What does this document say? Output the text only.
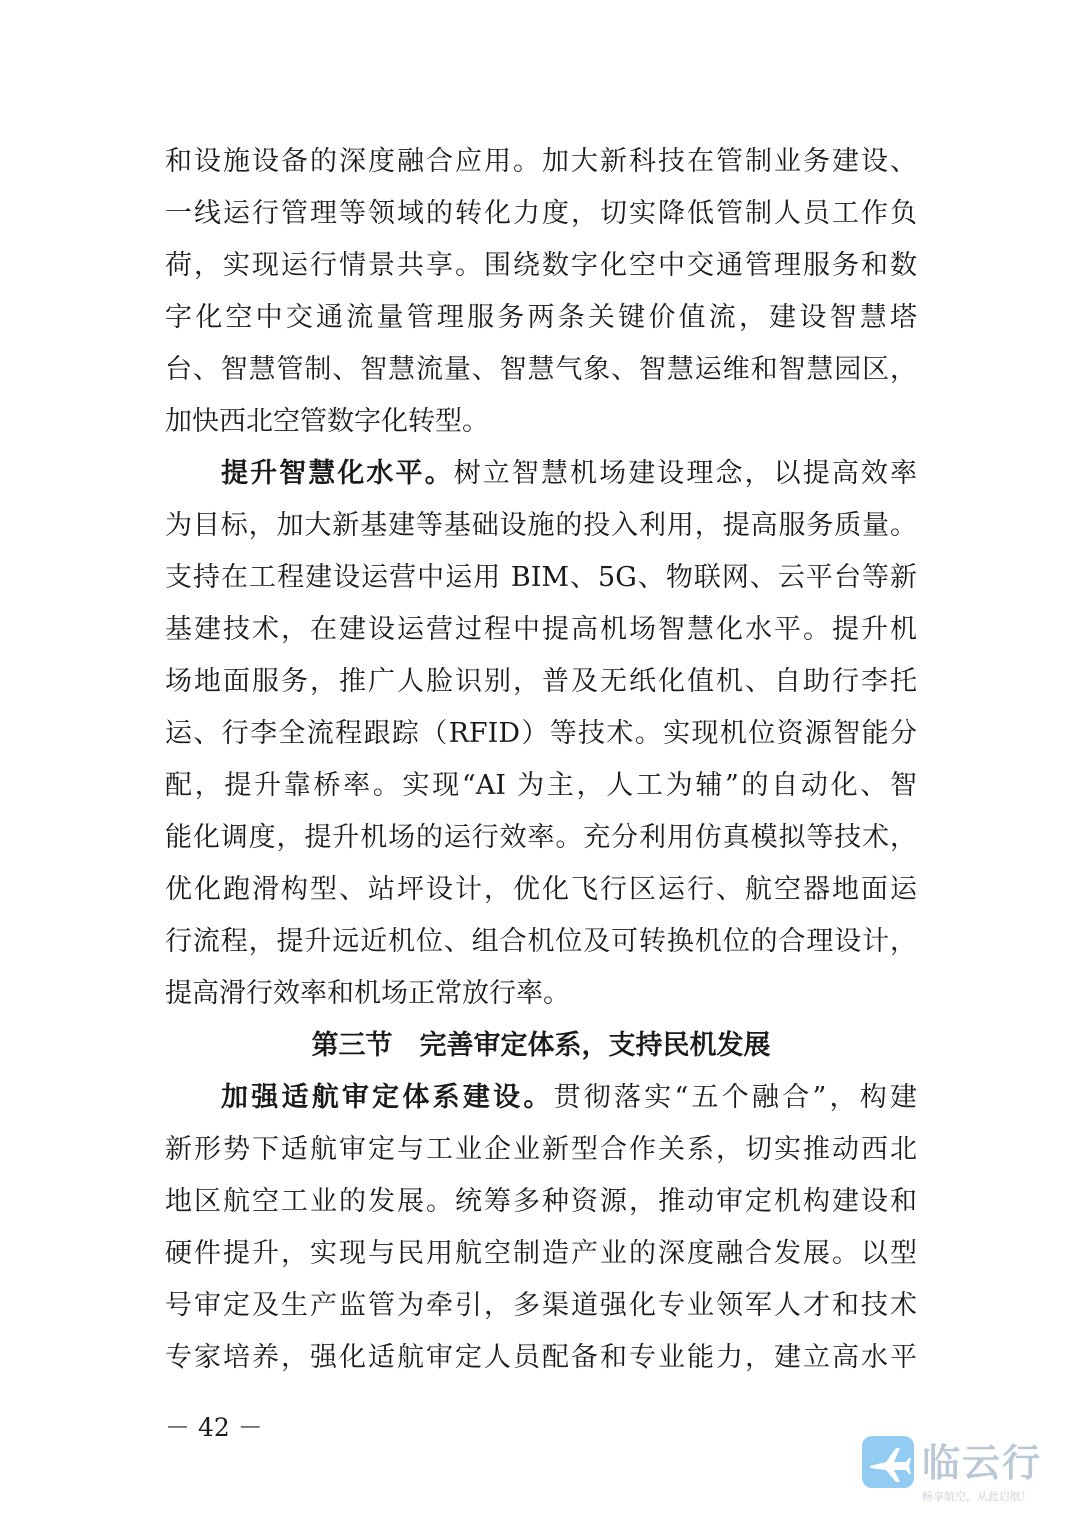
和设施设备的深度融合应用。加大新科技在管制业务建设、
一线运行管理等领域的转化力度，切实降低管制人员工作负
荷，实现运行情景共享。围绕数字化空中交通管理服务和数
字化空中交通流量管理服务两条关键价值流，建设智慧塔
台、智慧管制、智慧流量、智慧气象、智慧运维和智慧园区，
加快西北空管数字化转型。
提升智慧化水平。树立智慧机场建设理念，以提高效率
为目标，加大新基建等基础设施的投入利用，提高服务质量。
支持在工程建设运营中运用 BIM、5G、物联网、云平台等新
基建技术，在建设运营过程中提高机场智慧化水平。提升机
场地面服务，推广人脸识别，普及无纸化值机、自助行李托
运、行李全流程跟踪（RFID）等技术。实现机位资源智能分
配，提升靠桥率。实现“AI 为主，人工为辅”的自动化、智
能化调度，提升机场的运行效率。充分利用仿真模拟等技术，
优化跑滑构型、站坪设计，优化飞行区运行、航空器地面运
行流程，提升远近机位、组合机位及可转换机位的合理设计，
提高滑行效率和机场正常放行率。
第三节　完善审定体系，支持民机发展
加强适航审定体系建设。贯彻落实“五个融合”，构建
新形势下适航审定与工业企业新型合作关系，切实推动西北
地区航空工业的发展。统筹多种资源，推动审定机构建设和
硬件提升，实现与民用航空制造产业的深度融合发展。以型
号审定及生产监管为牵引，多渠道强化专业领军人才和技术
专家培养，强化适航审定人员配备和专业能力，建立高水平
－ 42 －
临云行
畅享航空，从此启航！
